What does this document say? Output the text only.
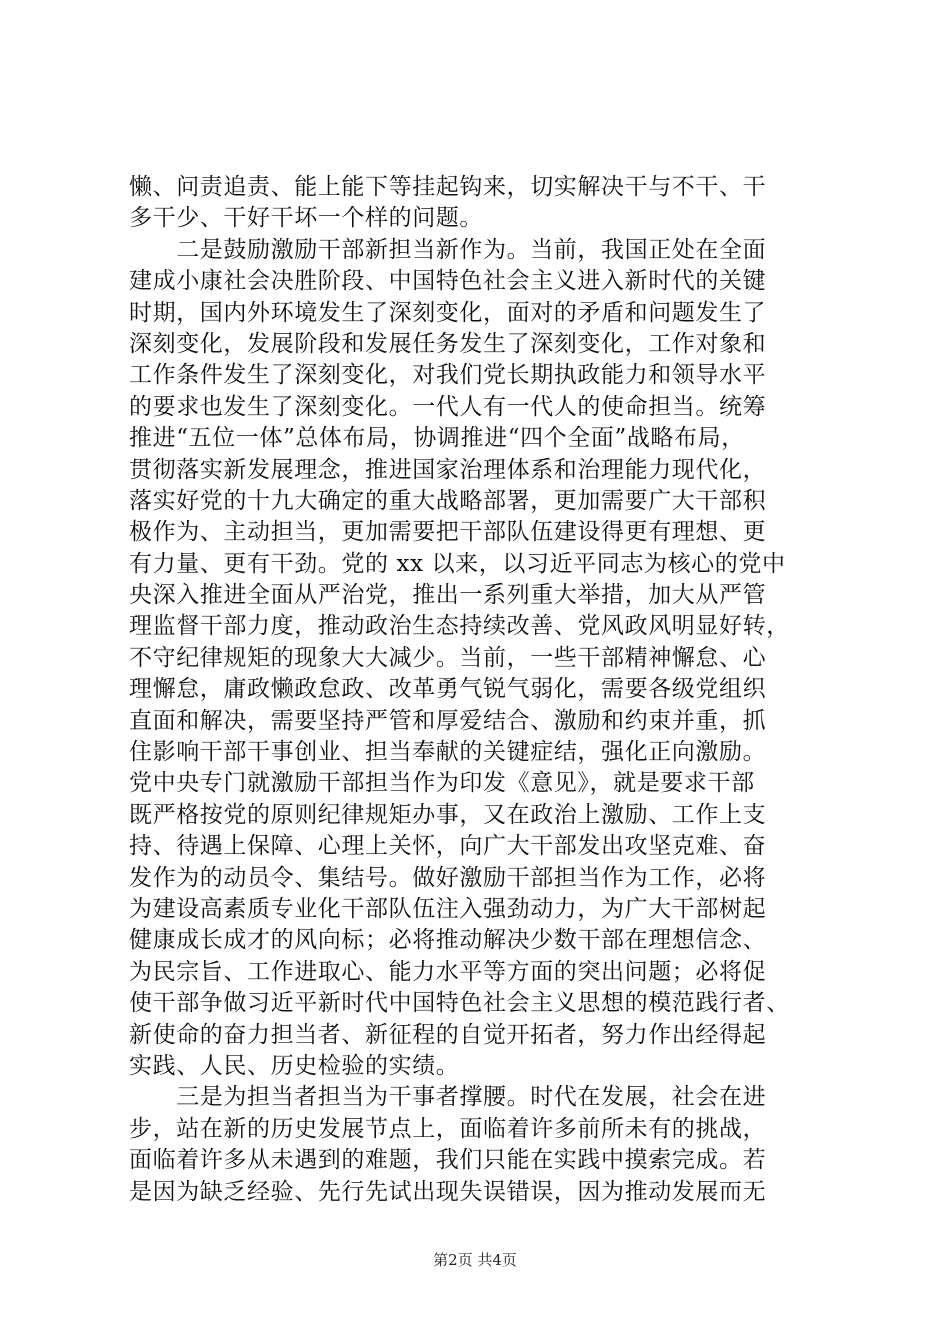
懒、问责追责、能上能下等挂起钩来，切实解决干与不干、干
多干少、干好干坏一个样的问题。
　　二是鼓励激励干部新担当新作为。当前，我国正处在全面
建成小康社会决胜阶段、中国特色社会主义进入新时代的关键
时期，国内外环境发生了深刻变化，面对的矛盾和问题发生了
深刻变化，发展阶段和发展任务发生了深刻变化，工作对象和
工作条件发生了深刻变化，对我们党长期执政能力和领导水平
的要求也发生了深刻变化。一代人有一代人的使命担当。统筹
推进“五位一体”总体布局，协调推进“四个全面”战略布局，
贯彻落实新发展理念，推进国家治理体系和治理能力现代化，
落实好党的十九大确定的重大战略部署，更加需要广大干部积
极作为、主动担当，更加需要把干部队伍建设得更有理想、更
有力量、更有干劲。党的 xx 以来，以习近平同志为核心的党中
央深入推进全面从严治党，推出一系列重大举措，加大从严管
理监督干部力度，推动政治生态持续改善、党风政风明显好转，
不守纪律规矩的现象大大减少。当前，一些干部精神懈怠、心
理懈怠，庸政懒政怠政、改革勇气锐气弱化，需要各级党组织
直面和解决，需要坚持严管和厚爱结合、激励和约束并重，抓
住影响干部干事创业、担当奉献的关键症结，强化正向激励。
党中央专门就激励干部担当作为印发《意见》，就是要求干部
既严格按党的原则纪律规矩办事，又在政治上激励、工作上支
持、待遇上保障、心理上关怀，向广大干部发出攻坚克难、奋
发作为的动员令、集结号。做好激励干部担当作为工作，必将
为建设高素质专业化干部队伍注入强劲动力，为广大干部树起
健康成长成才的风向标；必将推动解决少数干部在理想信念、
为民宗旨、工作进取心、能力水平等方面的突出问题；必将促
使干部争做习近平新时代中国特色社会主义思想的模范践行者、
新使命的奋力担当者、新征程的自觉开拓者，努力作出经得起
实践、人民、历史检验的实绩。
　　三是为担当者担当为干事者撑腰。时代在发展，社会在进
步，站在新的历史发展节点上，面临着许多前所未有的挑战，
面临着许多从未遇到的难题，我们只能在实践中摸索完成。若
是因为缺乏经验、先行先试出现失误错误，因为推动发展而无
第2页 共4页
